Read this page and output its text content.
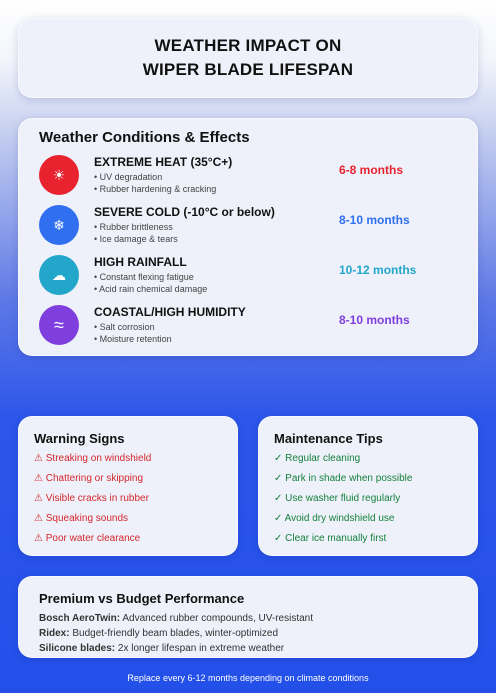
WEATHER IMPACT ON
WIPER BLADE LIFESPAN
Weather Conditions & Effects
☀
EXTREME HEAT (35°C+)
• UV degradation
• Rubber hardening & cracking
6-8 months
❄
SEVERE COLD (-10°C or below)
• Rubber brittleness
• Ice damage & tears
8-10 months
☁
HIGH RAINFALL
• Constant flexing fatigue
• Acid rain chemical damage
10-12 months
≈
COASTAL/HIGH HUMIDITY
• Salt corrosion
• Moisture retention
8-10 months
Warning Signs
⚠ Streaking on windshield
⚠ Chattering or skipping
⚠ Visible cracks in rubber
⚠ Squeaking sounds
⚠ Poor water clearance
Maintenance Tips
✓ Regular cleaning
✓ Park in shade when possible
✓ Use washer fluid regularly
✓ Avoid dry windshield use
✓ Clear ice manually first
Premium vs Budget Performance
Bosch AeroTwin: Advanced rubber compounds, UV-resistant
Ridex: Budget-friendly beam blades, winter-optimized
Silicone blades: 2x longer lifespan in extreme weather
Replace every 6-12 months depending on climate conditions
